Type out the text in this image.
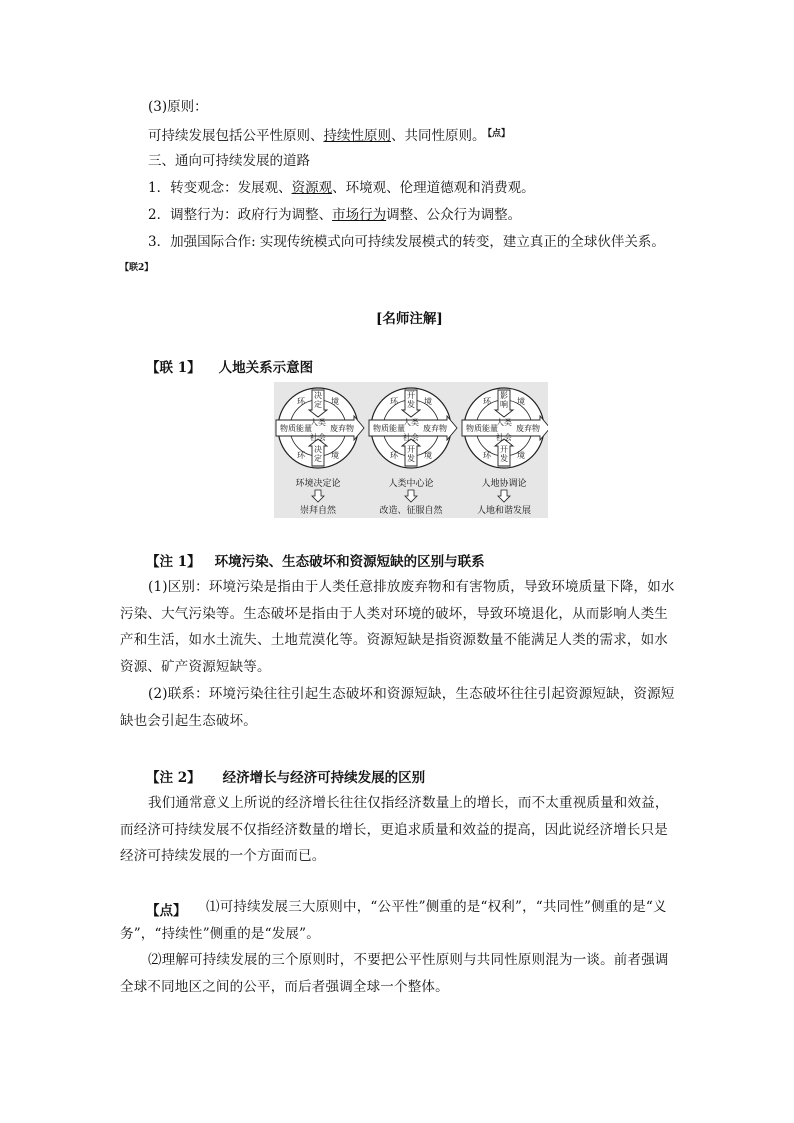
(3)原则：
可持续发展包括公平性原则、持续性原则、共同性原则。 $^{【点】}$
三、通向可持续发展的道路
1．转变观念：发展观、资源观、环境观、伦理道德观和消费观。
2．调整行为：政府行为调整、市场行为调整、公众行为调整。
3．加强国际合作: 实现传统模式向可持续发展模式的转变，建立真正的全球伙伴关系。
【联2】
[名师注解]
【联 1】 人地关系示意图
环	境
决
定
人类
物质能量 废弃物
社会
环	境
决
定
环境决定论
崇拜自然
环	境
开
发
人类
物质能量 废弃物
社会
环	境
开
发
人类中心论
改造、征服自然
环	境
影
响
人类
物质能量 废弃物
社会
环	境
开
发
人地协调论
人地和谐发展
【注 1】 环境污染、生态破坏和资源短缺的区别与联系
(1)区别：环境污染是指由于人类任意排放废弃物和有害物质，导致环境质量下降，如水污染、大气污染等。生态破坏是指由于人类对环境的破坏，导致环境退化，从而影响人类生产和生活，如水土流失、土地荒漠化等。资源短缺是指资源数量不能满足人类的需求，如水资源、矿产资源短缺等。
(2)联系：环境污染往往引起生态破坏和资源短缺，生态破坏往往引起资源短缺，资源短缺也会引起生态破坏。
【注 2】 经济增长与经济可持续发展的区别
我们通常意义上所说的经济增长往往仅指经济数量上的增长，而不太重视质量和效益，而经济可持续发展不仅指经济数量的增长，更追求质量和效益的提高，因此说经济增长只是经济可持续发展的一个方面而已。
【点】	⑴可持续发展三大原则中，“公平性”侧重的是“权利”，“共同性”侧重的是“义务”，“持续性”侧重的是“发展”。
⑵理解可持续发展的三个原则时，不要把公平性原则与共同性原则混为一谈。前者强调全球不同地区之间的公平，而后者强调全球一个整体。
